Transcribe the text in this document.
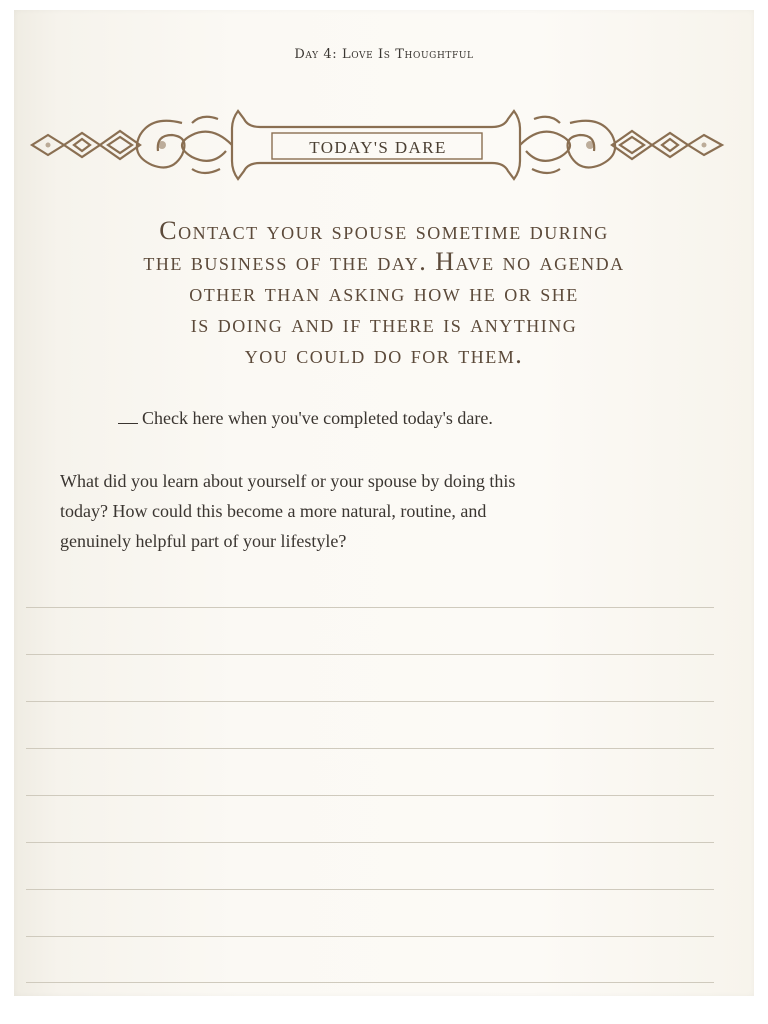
Day 4: Love Is Thoughtful
TODAY'S DARE
Contact your spouse sometime during
the business of the day. Have no agenda
other than asking how he or she
is doing and if there is anything
you could do for them.
Check here when you've completed today's dare.
What did you learn about yourself or your spouse by doing this
today? How could this become a more natural, routine, and
genuinely helpful part of your lifestyle?
